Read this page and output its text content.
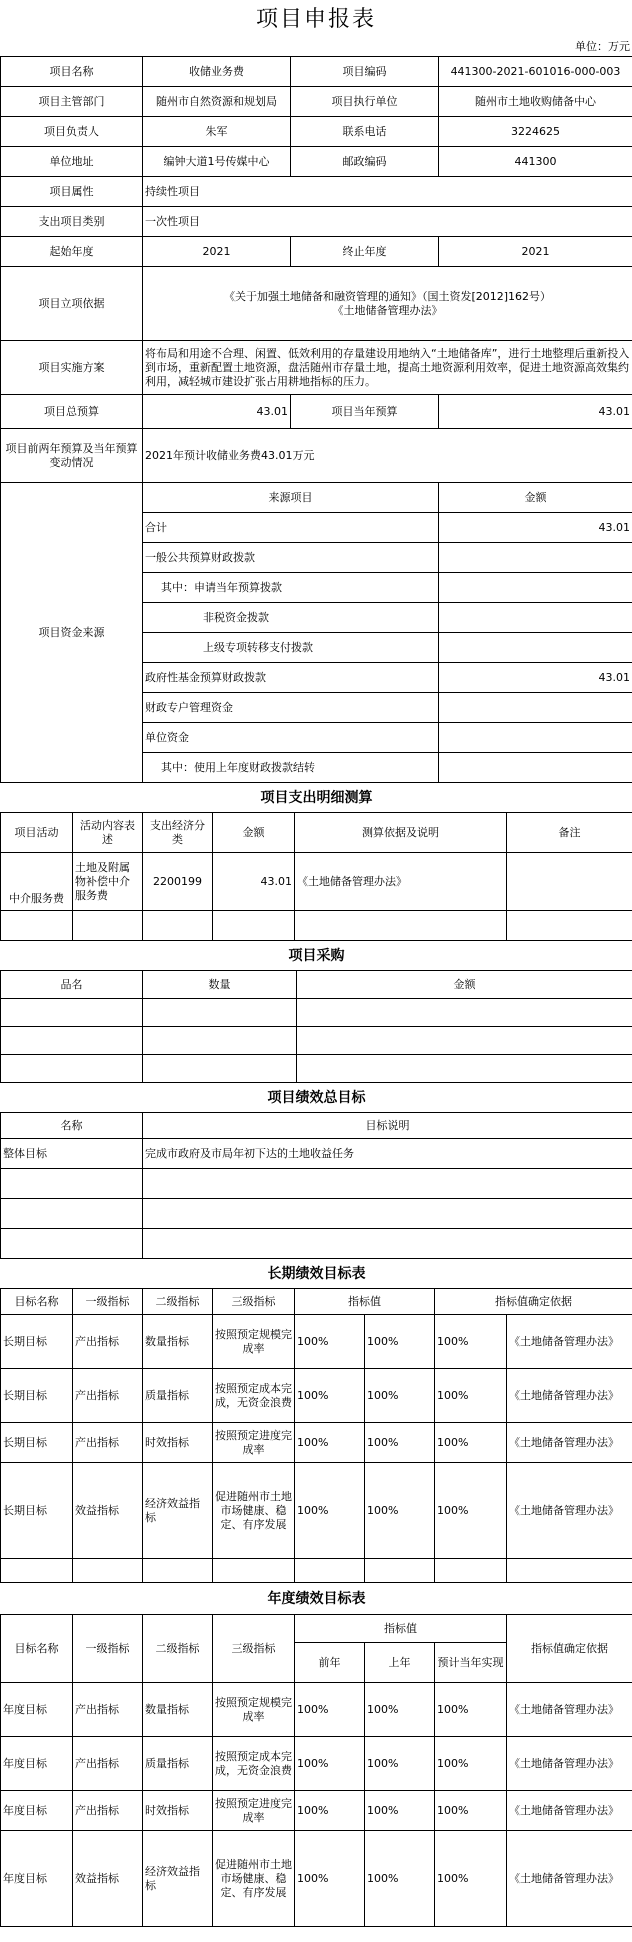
项目申报表
单位：万元
项目名称	收储业务费	项目编码	441300-2021-601016-000-003
项目主管部门	随州市自然资源和规划局	项目执行单位	随州市土地收购储备中心
项目负责人	朱军	联系电话	3224625
单位地址	编钟大道1号传媒中心	邮政编码	441300
项目属性	持续性项目		
支出项目类别	一次性项目		
起始年度	2021	终止年度	2021
项目立项依据	《关于加强土地储备和融资管理的通知》（国土资发[2012]162号）
《土地储备管理办法》		

项目实施方案	将布局和用途不合理、闲置、低效利用的存量建设用地纳入“土地储备库”，进行土地整理后重新投入到市场，重新配置土地资源，盘活随州市存量土地，提高土地资源利用效率，促进土地资源高效集约利用，减轻城市建设扩张占用耕地指标的压力。		
项目总预算	43.01	项目当年预算	43.01
项目前两年预算及当年预算变动情况	2021年预计收储业务费43.01万元		
项目资金来源	来源项目	金额
	合计	43.01
	一般公共预算财政拨款	
	其中：申请当年预算拨款	
	非税资金拨款	
	上级专项转移支付拨款	
	政府性基金预算财政拨款	43.01
	财政专户管理资金	
	单位资金	
	其中：使用上年度财政拨款结转	
项目支出明细测算					
项目活动	活动内容表述	支出经济分类	金额	测算依据及说明	备注
中介服务费	土地及附属物补偿中介服务费	2200199	43.01	《土地储备管理办法》	

项目采购		
品名	数量	金额

项目绩效总目标	
名称	目标说明
整体目标	完成市政府及市局年初下达的土地收益任务

长期绩效目标表							
目标名称	一级指标	二级指标	三级指标	指标值		指标值确定依据	
长期目标	产出指标	数量指标	按照预定规模完成率	100%	100%	100%	《土地储备管理办法》
长期目标	产出指标	质量指标	按照预定成本完成，无资金浪费	100%	100%	100%	《土地储备管理办法》
长期目标	产出指标	时效指标	按照预定进度完成率	100%	100%	100%	《土地储备管理办法》
长期目标	效益指标	经济效益指标	促进随州市土地市场健康、稳定、有序发展	100%	100%	100%	《土地储备管理办法》

年度绩效目标表							
目标名称	一级指标	二级指标	三级指标	指标值			指标值确定依据
				前年	上年	预计当年实现	
年度目标	产出指标	数量指标	按照预定规模完成率	100%	100%	100%	《土地储备管理办法》
年度目标	产出指标	质量指标	按照预定成本完成，无资金浪费	100%	100%	100%	《土地储备管理办法》
年度目标	产出指标	时效指标	按照预定进度完成率	100%	100%	100%	《土地储备管理办法》
年度目标	效益指标	经济效益指标	促进随州市土地市场健康、稳定、有序发展	100%	100%	100%	《土地储备管理办法》
